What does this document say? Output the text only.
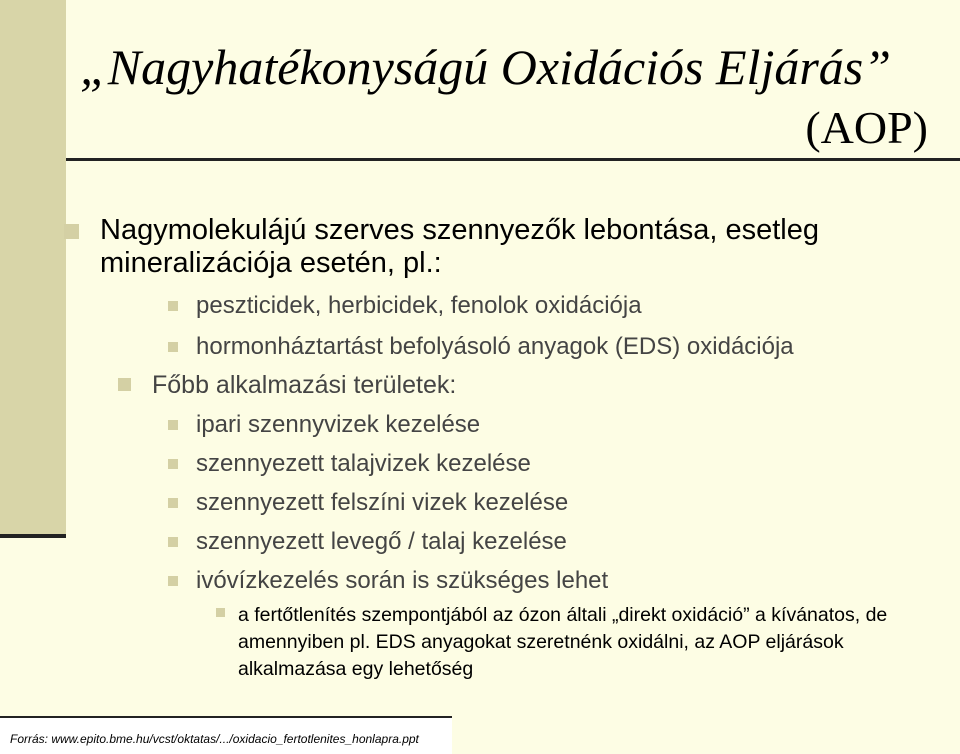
„Nagyhatékonyságú Oxidációs Eljárás”
(AOP)
Nagymolekulájú szerves szennyezők lebontása, esetleg
mineralizációja esetén, pl.:
peszticidek, herbicidek, fenolok oxidációja
hormonháztartást befolyásoló anyagok (EDS) oxidációja
Főbb alkalmazási területek:
ipari szennyvizek kezelése
szennyezett talajvizek kezelése
szennyezett felszíni vizek kezelése
szennyezett levegő / talaj kezelése
ivóvízkezelés során is szükséges lehet
a fertőtlenítés szempontjából az ózon általi „direkt oxidáció” a kívánatos, de amennyiben pl. EDS anyagokat szeretnénk oxidálni, az AOP eljárások alkalmazása egy lehetőség
Forrás: www.epito.bme.hu/vcst/oktatas/.../oxidacio_fertotlenites_honlapra.ppt
